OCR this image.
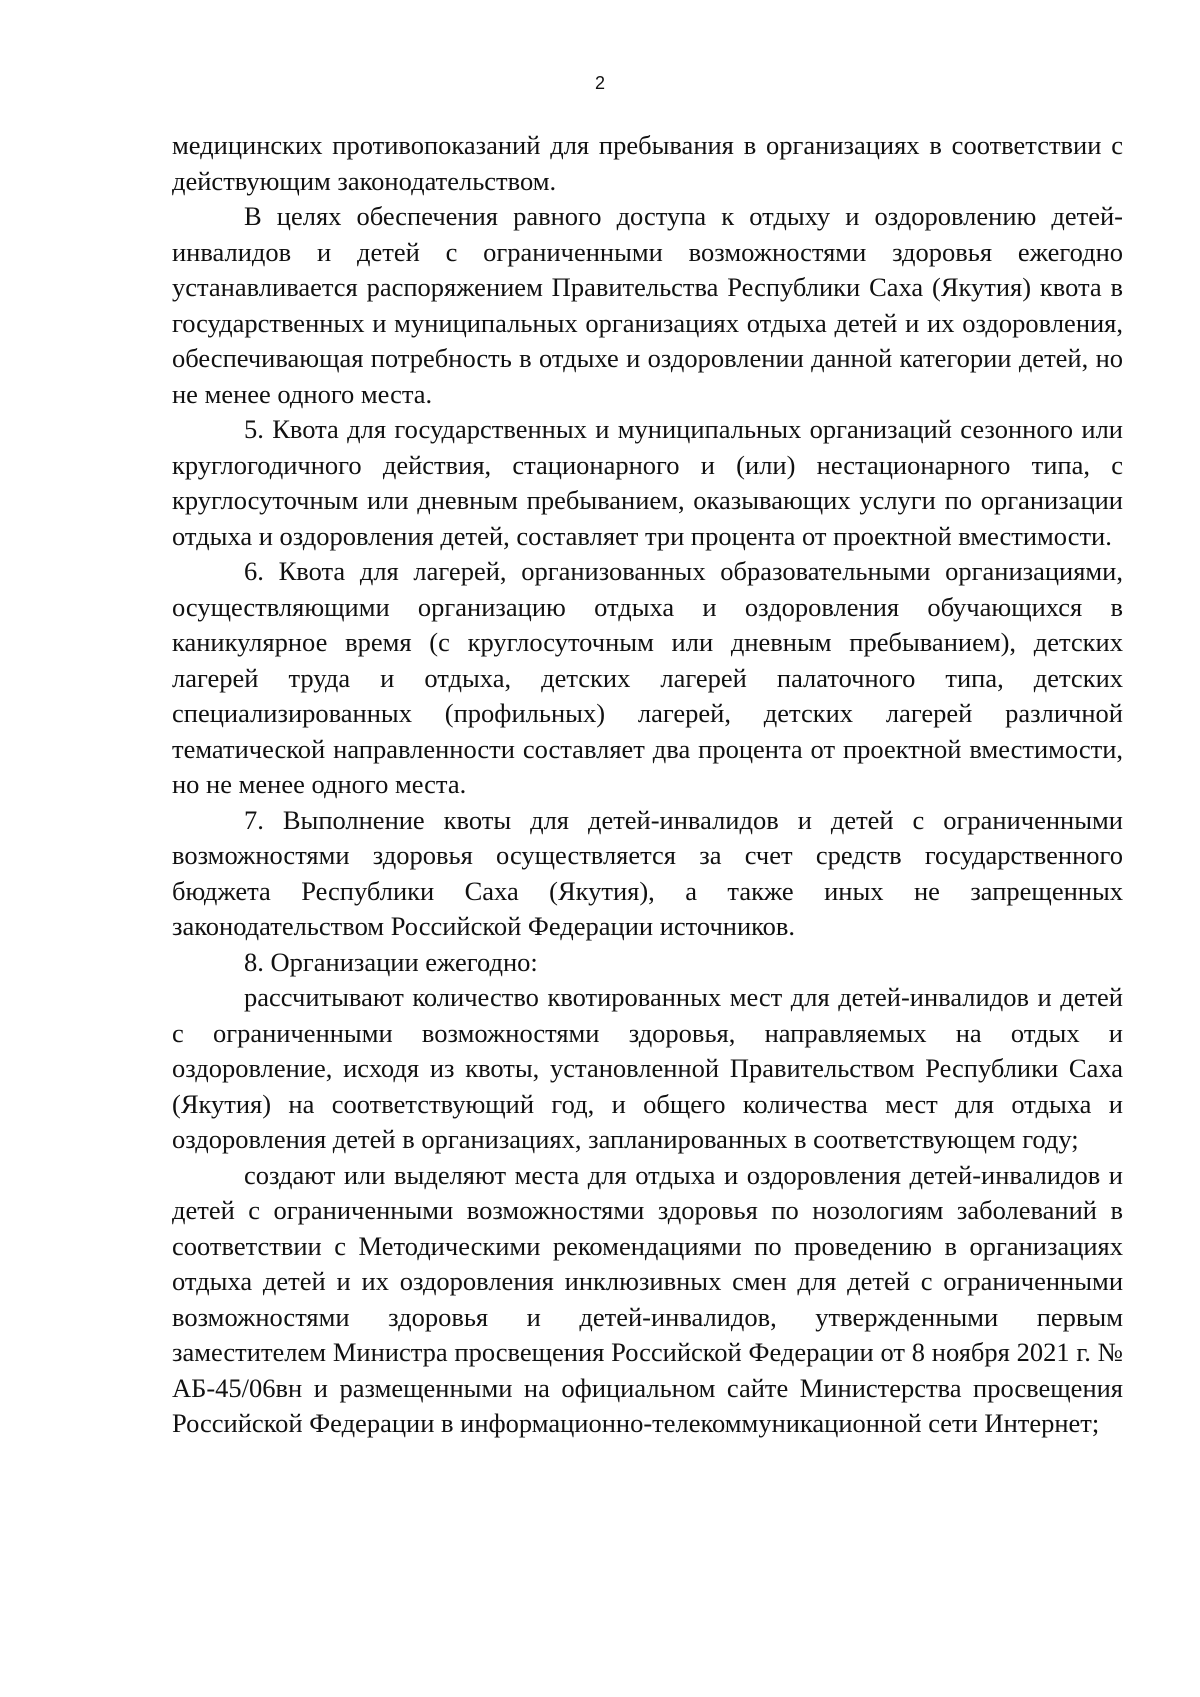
2

медицинских противопоказаний для пребывания в организациях в соответствии с действующим законодательством.

В целях обеспечения равного доступа к отдыху и оздоровлению детей-инвалидов и детей с ограниченными возможностями здоровья ежегодно устанавливается распоряжением Правительства Республики Саха (Якутия) квота в государственных и муниципальных организациях отдыха детей и их оздоровления, обеспечивающая потребность в отдыхе и оздоровлении данной категории детей, но не менее одного места.

5. Квота для государственных и муниципальных организаций сезонного или круглогодичного действия, стационарного и (или) нестационарного типа, с круглосуточным или дневным пребыванием, оказывающих услуги по организации отдыха и оздоровления детей, составляет три процента от проектной вместимости.

6. Квота для лагерей, организованных образовательными организациями, осуществляющими организацию отдыха и оздоровления обучающихся в каникулярное время (с круглосуточным или дневным пребыванием), детских лагерей труда и отдыха, детских лагерей палаточного типа, детских специализированных (профильных) лагерей, детских лагерей различной тематической направленности составляет два процента от проектной вместимости, но не менее одного места.

7. Выполнение квоты для детей-инвалидов и детей с ограниченными возможностями здоровья осуществляется за счет средств государственного бюджета Республики Саха (Якутия), а также иных не запрещенных законодательством Российской Федерации источников.

8. Организации ежегодно:

рассчитывают количество квотированных мест для детей-инвалидов и детей с ограниченными возможностями здоровья, направляемых на отдых и оздоровление, исходя из квоты, установленной Правительством Республики Саха (Якутия) на соответствующий год, и общего количества мест для отдыха и оздоровления детей в организациях, запланированных в соответствующем году;

создают или выделяют места для отдыха и оздоровления детей-инвалидов и детей с ограниченными возможностями здоровья по нозологиям заболеваний в соответствии с Методическими рекомендациями по проведению в организациях отдыха детей и их оздоровления инклюзивных смен для детей с ограниченными возможностями здоровья и детей-инвалидов, утвержденными первым заместителем Министра просвещения Российской Федерации от 8 ноября 2021 г. № АБ-45/06вн и размещенными на официальном сайте Министерства просвещения Российской Федерации в информационно-телекоммуникационной сети Интернет;
